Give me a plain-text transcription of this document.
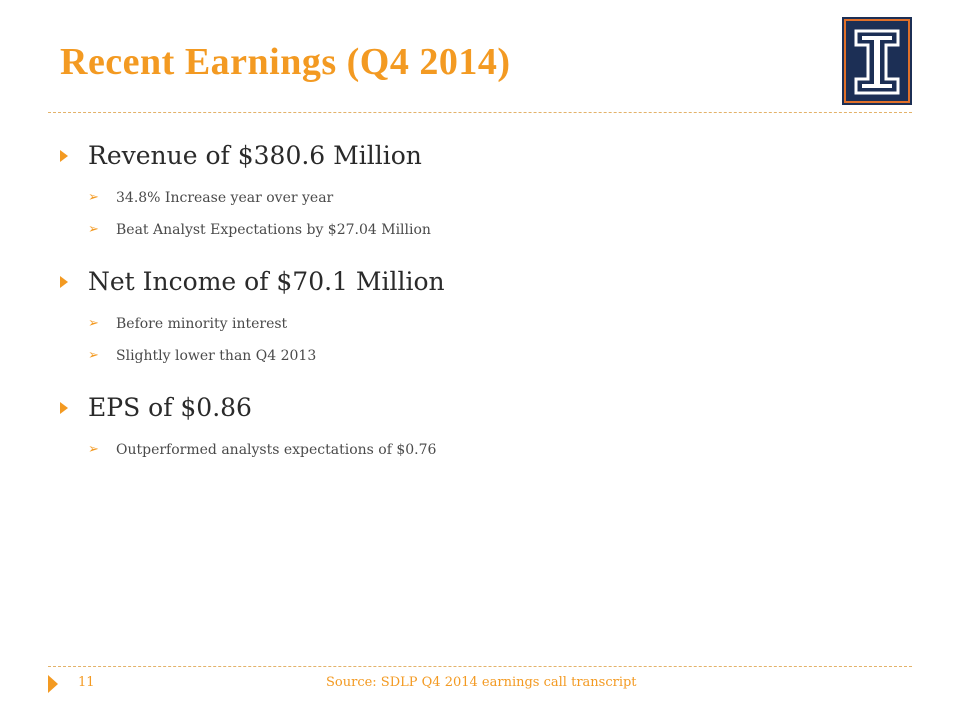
Recent Earnings (Q4 2014)
Revenue of $380.6 Million
➢ 34.8% Increase year over year
➢ Beat Analyst Expectations by $27.04 Million
Net Income of $70.1 Million
➢ Before minority interest
➢ Slightly lower than Q4 2013
EPS of $0.86
➢ Outperformed analysts expectations of $0.76
11	Source: SDLP Q4 2014 earnings call transcript
